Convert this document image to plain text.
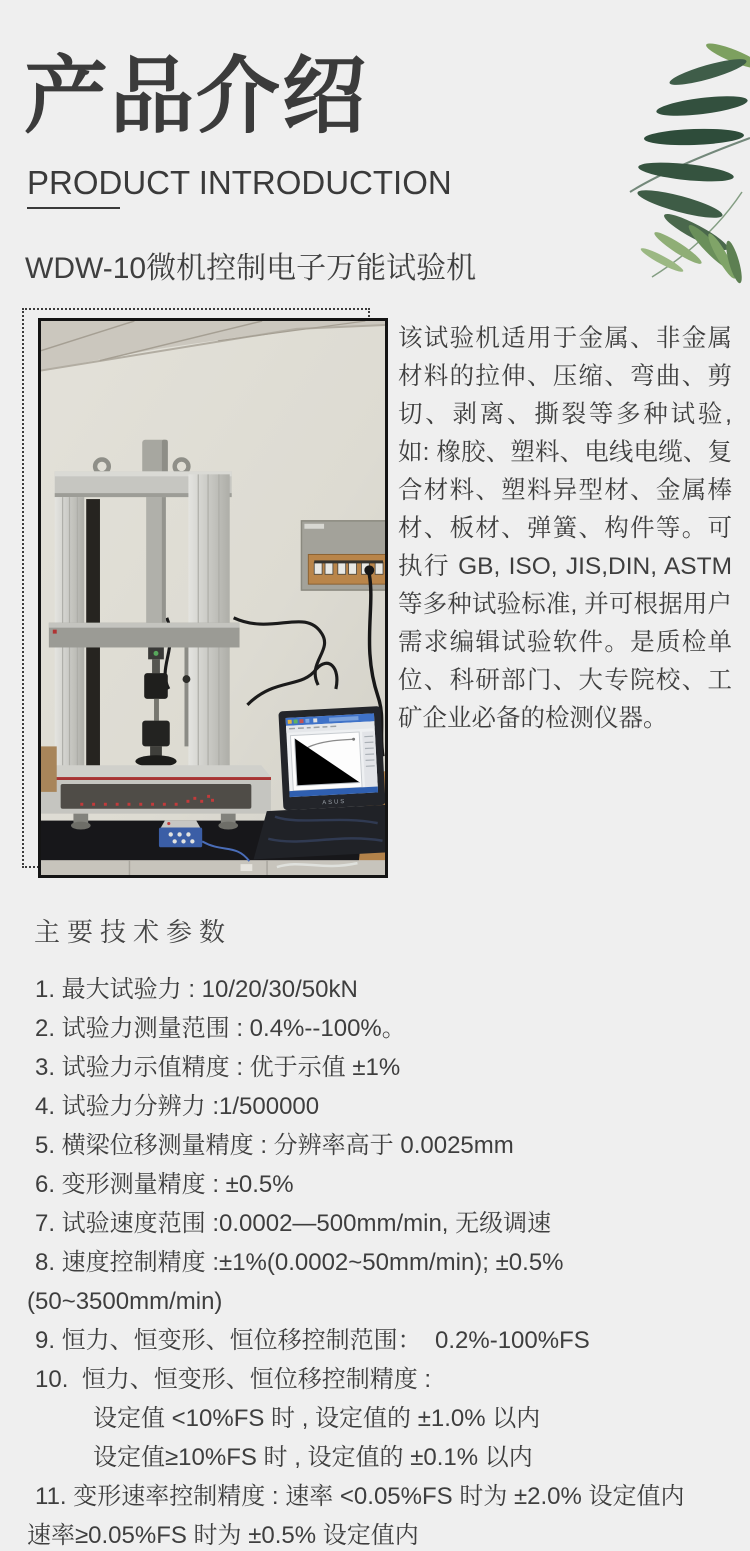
产品介绍
PRODUCT INTRODUCTION
WDW-10微机控制电子万能试验机
ASUS
该试验机适用于金属、非金属材料的拉伸、压缩、弯曲、剪切、剥离、撕裂等多种试验, 如: 橡胶、塑料、电线电缆、复合材料、塑料异型材、金属棒材、板材、弹簧、构件等。可执行 GB, ISO, JIS,DIN, ASTM 等多种试验标准, 并可根据用户需求编辑试验软件。是质检单位、科研部门、大专院校、工矿企业必备的检测仪器。
主要技术参数
1. 最大试验力 : 10/20/30/50kN
2. 试验力测量范围 : 0.4%--100%。
3. 试验力示值精度 : 优于示值 ±1%
4. 试验力分辨力 :1/500000
5. 横梁位移测量精度 : 分辨率高于 0.0025mm
6. 变形测量精度 : ±0.5%
7. 试验速度范围 :0.0002—500mm/min, 无级调速
8. 速度控制精度 :±1%(0.0002~50mm/min); ±0.5%
(50~3500mm/min)
9. 恒力、恒变形、恒位移控制范围：  0.2%-100%FS
10.  恒力、恒变形、恒位移控制精度 :
设定值 <10%FS 时 , 设定值的 ±1.0% 以内
设定值≥10%FS 时 , 设定值的 ±0.1% 以内
11. 变形速率控制精度 : 速率 <0.05%FS 时为 ±2.0% 设定值内
速率≥0.05%FS 时为 ±0.5% 设定值内
